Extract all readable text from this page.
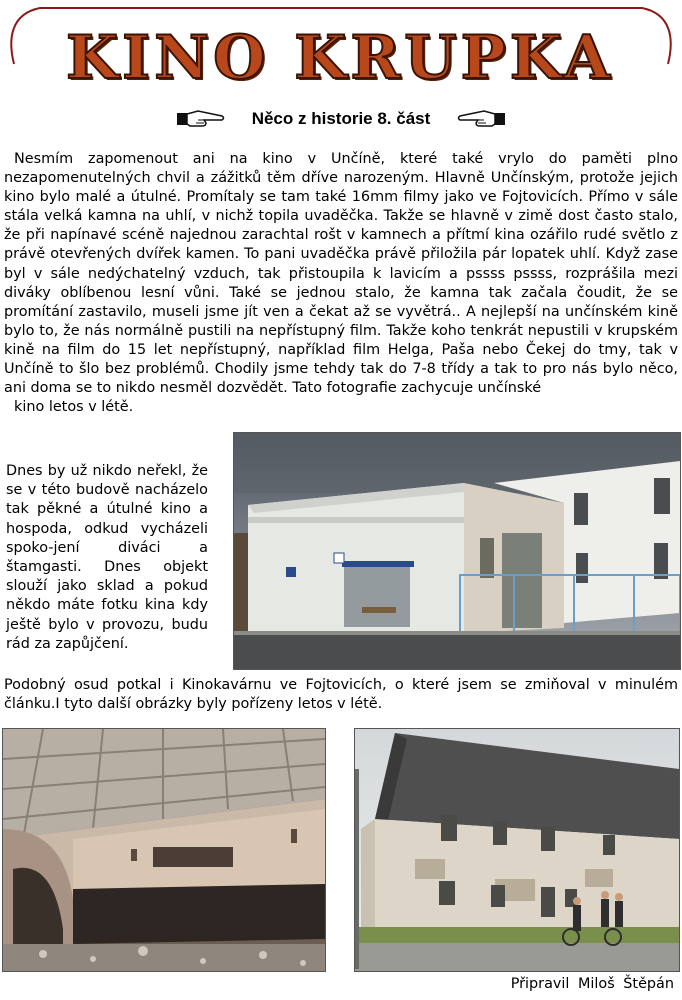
KINO KRUPKA
Něco z historie 8. část

Nesmím zapomenout ani na kino v Unčíně, které také vrylo do paměti plno nezapomenutelných chvil a zážitků těm dříve narozeným. Hlavně Unčínským, protože jejich kino bylo malé a útulné. Promítaly se tam také 16mm filmy jako ve Fojtovicích. Přímo v sále stála velká kamna na uhlí, v nichž topila uvaděčka. Takže se hlavně v zimě dost často stalo, že při napínavé scéně najednou zarachtal rošt v kamnech a přítmí kina ozářilo rudé světlo z právě otevřených dvířek kamen. To pani uvaděčka právě přiložila pár lopatek uhlí. Když zase byl v sále nedýchatelný vzduch, tak přistoupila k lavicím a pssss pssss, rozprášila mezi diváky oblíbenou lesní vůni. Také se jednou stalo, že kamna tak začala čoudit, že se promítání zastavilo, museli jsme jít ven a čekat až se vyvětrá.. A nejlepší na unčínském kině bylo to, že nás normálně pustili na nepřístupný film. Takže koho tenkrát nepustili v krupském kině na film do 15 let nepřístupný, například film Helga, Paša nebo Čekej do tmy, tak v Unčíně to šlo bez problémů. Chodily jsme tehdy tak do 7-8 třídy a tak to pro nás bylo něco, ani doma se to nikdo nesměl dozvědět. Tato fotografie zachycuje unčínské
kino letos v létě.

Dnes by už nikdo neřekl, že se v této budově nacházelo tak pěkné a útulné kino a hospoda, odkud vycházeli spoko-jení diváci a štamgasti. Dnes objekt slouží jako sklad a pokud někdo máte fotku kina kdy ještě bylo v provozu, budu rád za zapůjčení.

Podobný osud potkal i Kinokavárnu ve Fojtovicích, o které jsem se zmiňoval v minulém článku.I tyto další obrázky byly pořízeny letos v létě.

Připravil Miloš Štěpán
